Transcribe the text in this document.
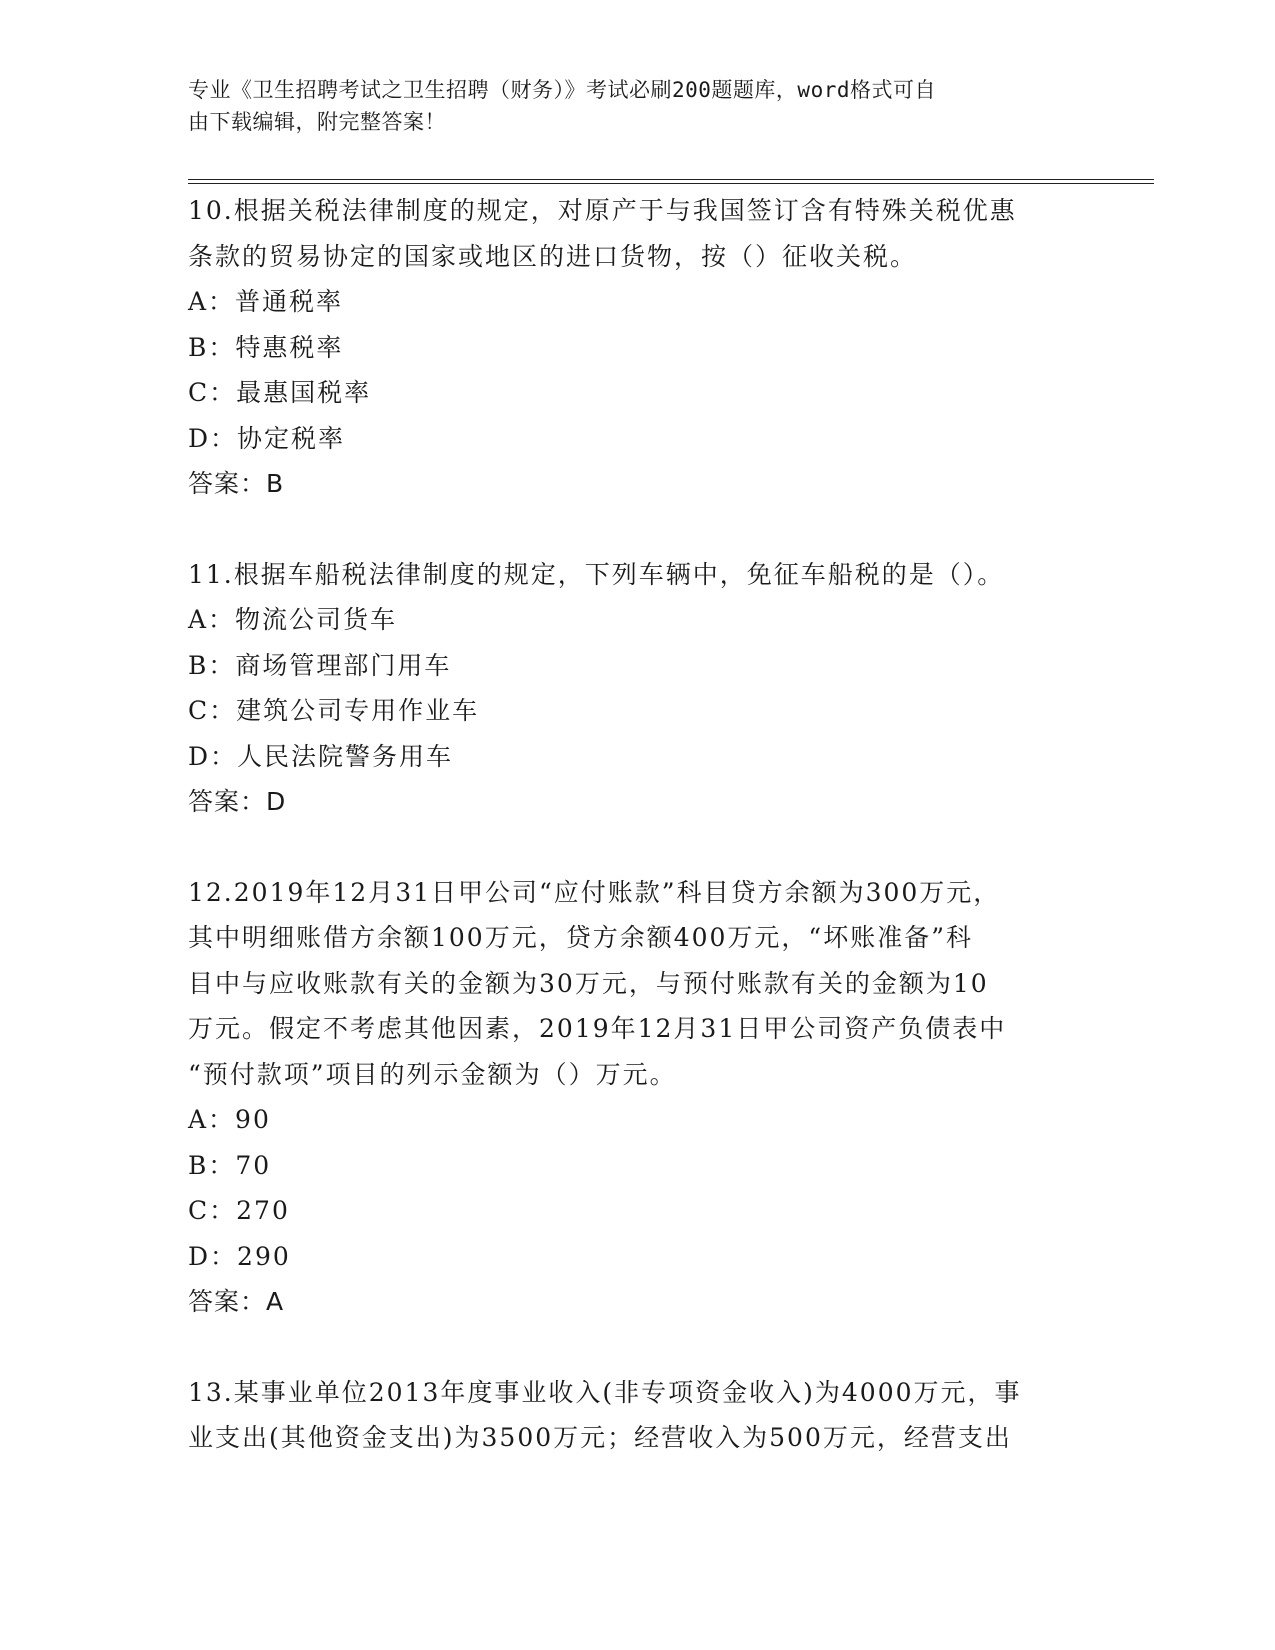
专业《卫生招聘考试之卫生招聘（财务）》考试必刷200题题库，word格式可自
由下载编辑，附完整答案！
10.根据关税法律制度的规定，对原产于与我国签订含有特殊关税优惠
条款的贸易协定的国家或地区的进口货物，按（）征收关税。
A：普通税率
B：特惠税率
C：最惠国税率
D：协定税率
答案：B
11.根据车船税法律制度的规定，下列车辆中，免征车船税的是（）。
A：物流公司货车
B：商场管理部门用车
C：建筑公司专用作业车
D：人民法院警务用车
答案：D
12.2019年12月31日甲公司“应付账款”科目贷方余额为300万元，
其中明细账借方余额100万元，贷方余额400万元，“坏账准备”科
目中与应收账款有关的金额为30万元，与预付账款有关的金额为10
万元。假定不考虑其他因素，2019年12月31日甲公司资产负债表中
“预付款项”项目的列示金额为（）万元。
A：90
B：70
C：270
D：290
答案：A
13.某事业单位2013年度事业收入(非专项资金收入)为4000万元，事
业支出(其他资金支出)为3500万元；经营收入为500万元，经营支出
